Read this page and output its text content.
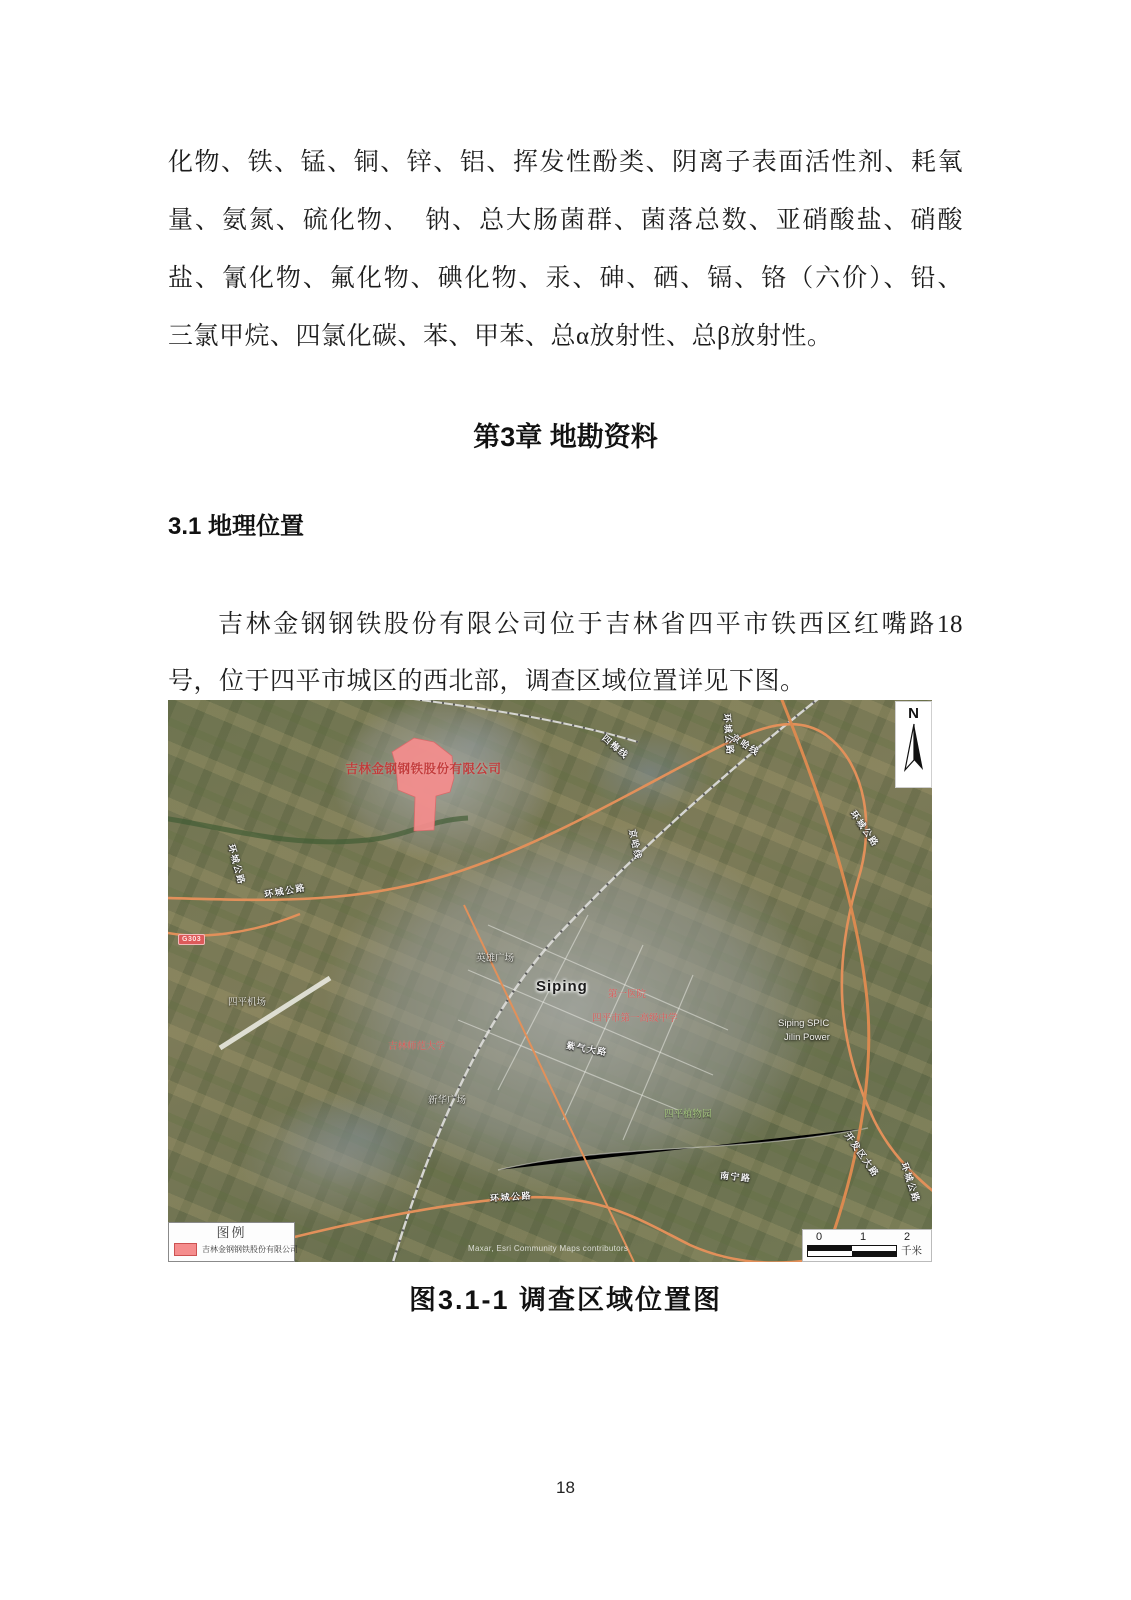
化物、铁、锰、铜、锌、铝、挥发性酚类、阴离子表面活性剂、耗氧
量、氨氮、硫化物、　钠、总大肠菌群、菌落总数、亚硝酸盐、硝酸
盐、氰化物、氟化物、碘化物、汞、砷、硒、镉、铬（六价）、铅、
三氯甲烷、四氯化碳、苯、甲苯、总α放射性、总β放射性。

第3章 地勘资料
3.1 地理位置

吉林金钢钢铁股份有限公司位于吉林省四平市铁西区红嘴路18
号，位于四平市城区的西北部，调查区域位置详见下图。

环城公路
环城公路
四梅线	京哈线
环城公路
京哈线	环城公路
紫气大路
南宁路	开发区大路
环城公路	环城公路
英雄广场
四平机场
第一医院
四平市第一高级中学
吉林师范大学
新华广场
四平植物园
Siping SPIC
Jilin Power
吉林金钢钢铁股份有限公司
Siping
G303
N
图例
吉林金钢钢铁股份有限公司
0	1	2
千米
Maxar, Esri Community Maps contributors
图3.1-1 调查区域位置图
18
